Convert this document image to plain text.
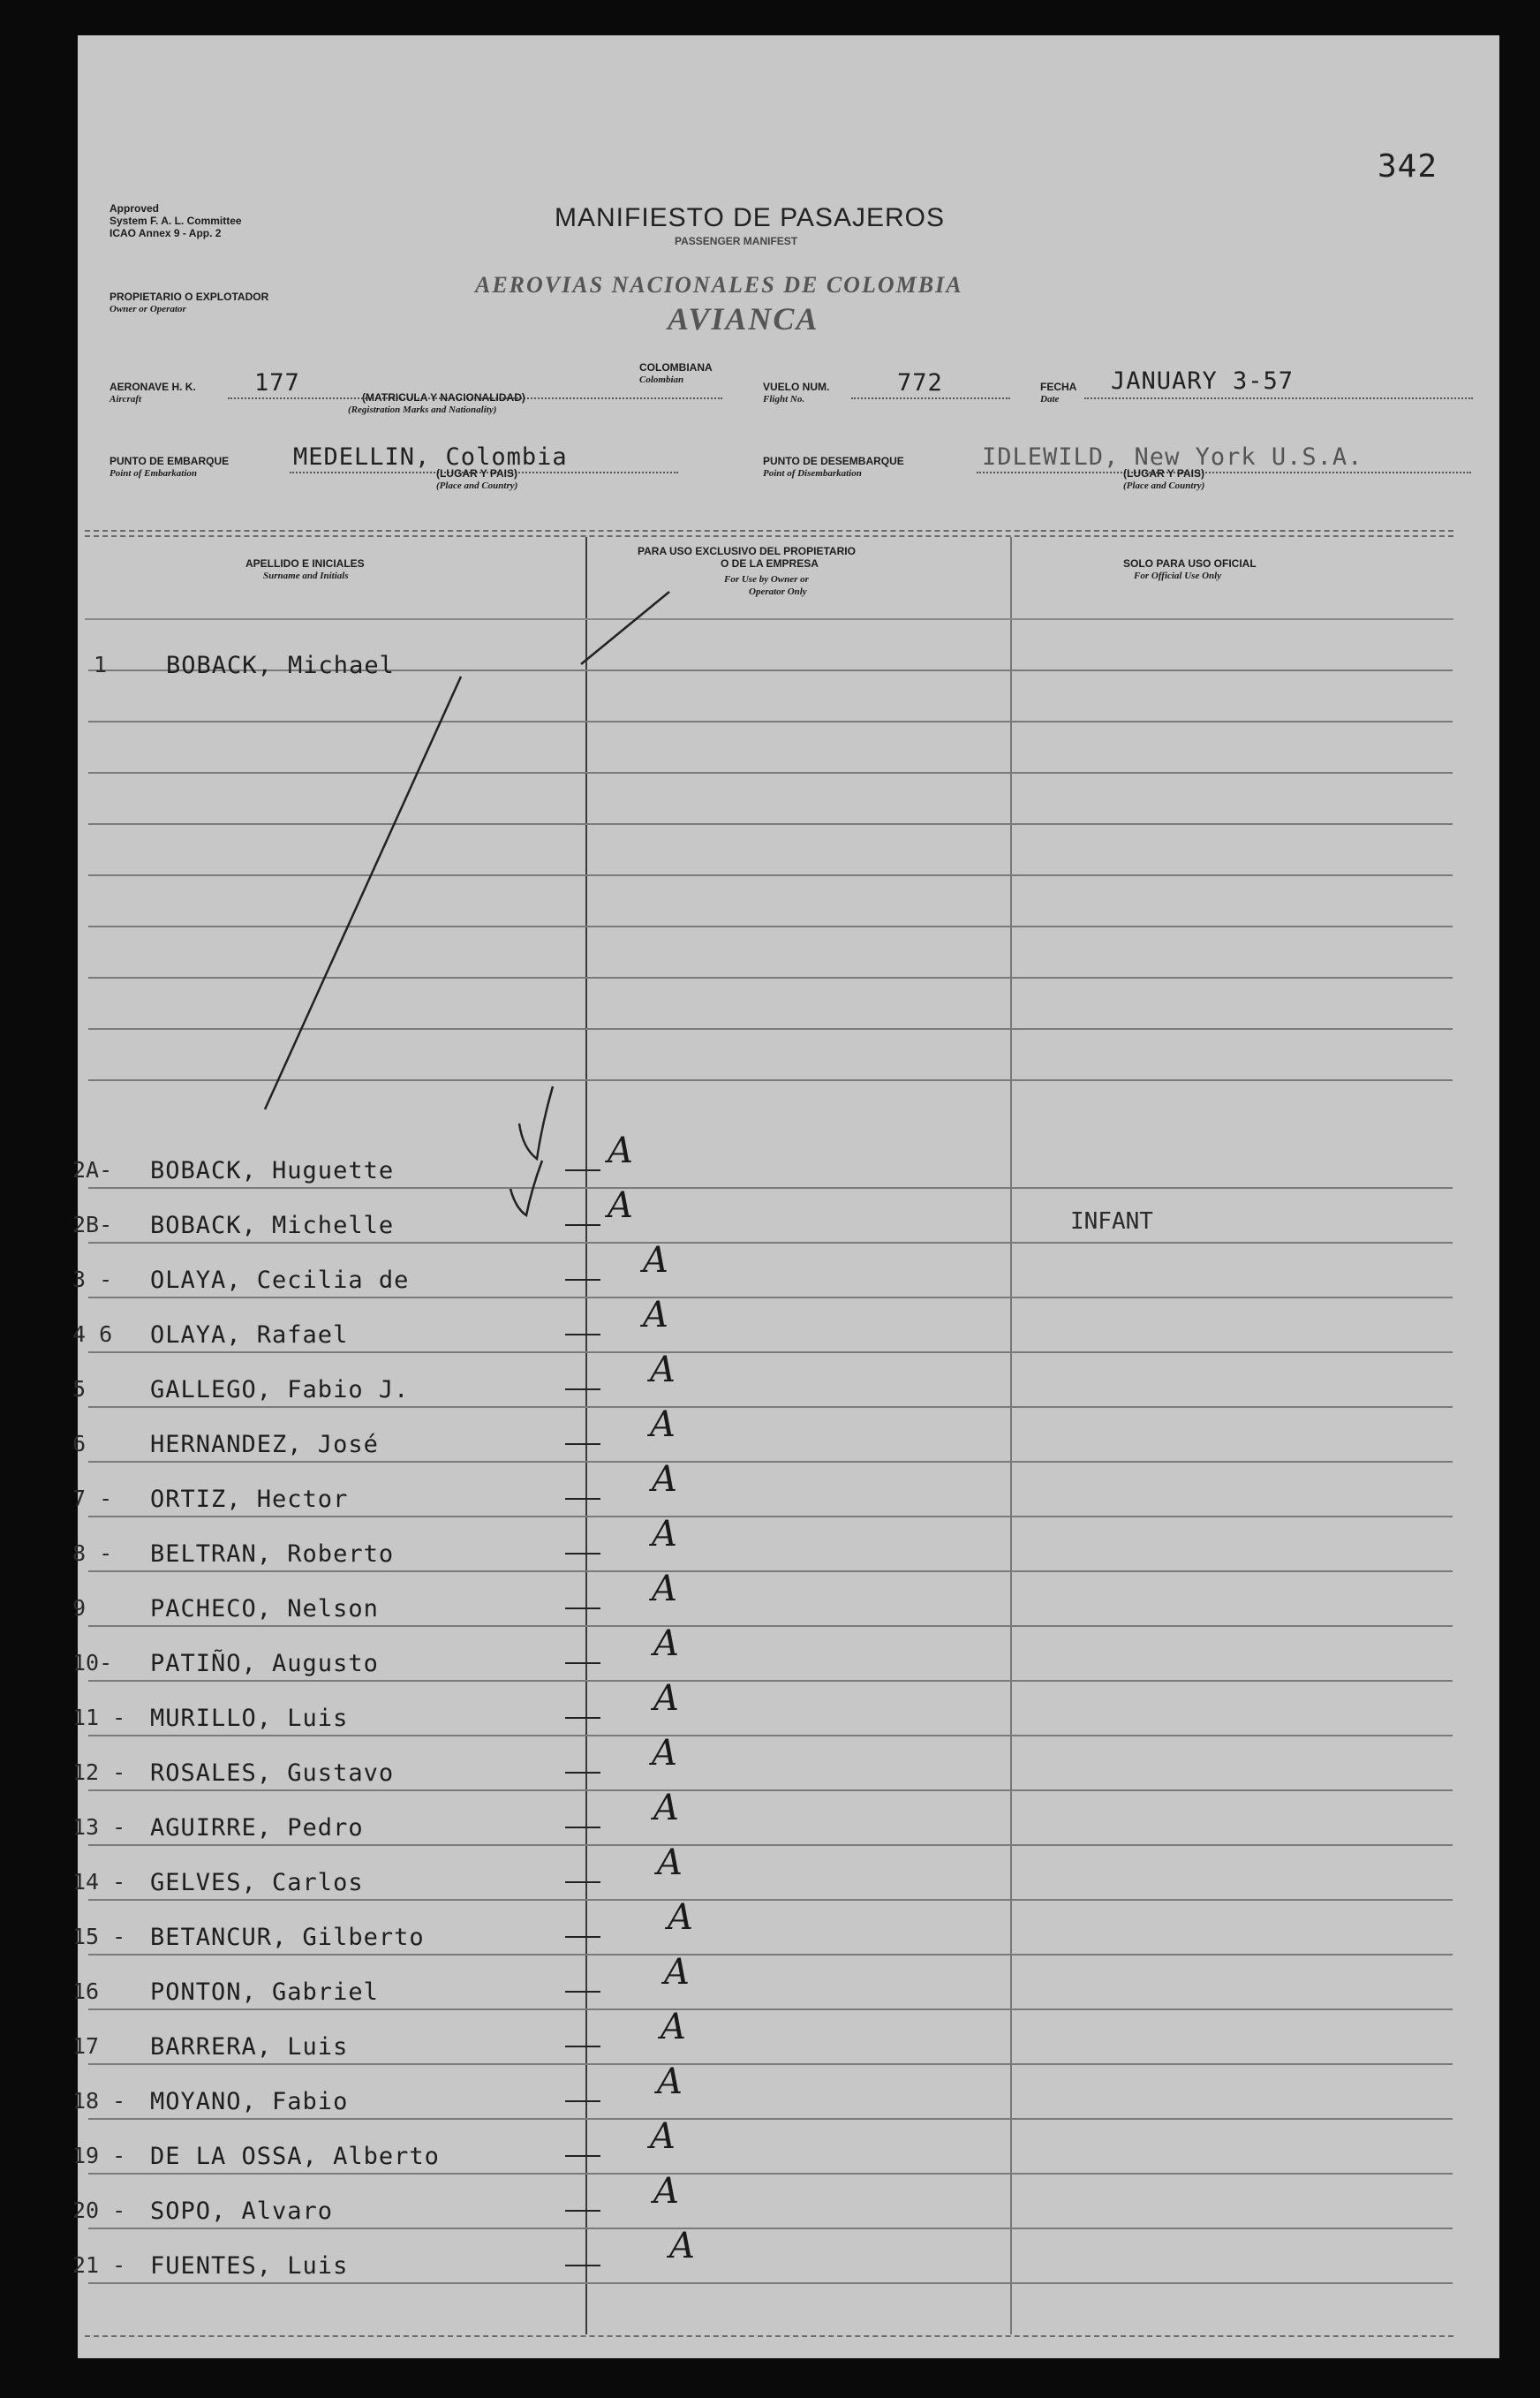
342
Approved
System F. A. L. Committee
ICAO Annex 9 - App. 2
MANIFIESTO DE PASAJEROS
PASSENGER MANIFEST
PROPIETARIO O EXPLOTADOR
Owner or Operator
AEROVIAS NACIONALES DE COLOMBIA
AVIANCA
AERONAVE H. K.
Aircraft
177
(MATRICULA Y NACIONALIDAD)
(Registration Marks and Nationality)
COLOMBIANA
Colombian
VUELO NUM.
Flight No.
772	FECHA
Date
JANUARY 3-57
PUNTO DE EMBARQUE
Point of Embarkation
MEDELLIN, Colombia
(LUGAR Y PAIS)
(Place and Country)
PUNTO DE DESEMBARQUE
Point of Disembarkation
IDLEWILD, New York U.S.A.
(LUGAR Y PAIS)
(Place and Country)
APELLIDO E INICIALES
Surname and Initials
PARA USO EXCLUSIVO DEL PROPIETARIO
O DE LA EMPRESA
For Use by Owner or
Operator Only
SOLO PARA USO OFICIAL
For Official Use Only
1 BOBACK, Michael
2A- BOBACK, Huguette	A
2B- BOBACK, Michelle	A	INFANT
3 - OLAYA, Cecilia de	A
4 6 OLAYA, Rafael	A
5	GALLEGO, Fabio J.	A
6	HERNANDEZ, José	A
7 - ORTIZ, Hector	A
8 - BELTRAN, Roberto	A
9	PACHECO, Nelson	A
10- PATIÑO, Augusto	A
11 - MURILLO, Luis	A
12 - ROSALES, Gustavo	A
13 - AGUIRRE, Pedro	A
14 - GELVES, Carlos	A
15 - BETANCUR, Gilberto	A
16 PONTON, Gabriel	A
17 BARRERA, Luis	A
18 - MOYANO, Fabio	A
19 - DE LA OSSA, Alberto	A
20 - SOPO, Alvaro	A
21 - FUENTES, Luis	A
